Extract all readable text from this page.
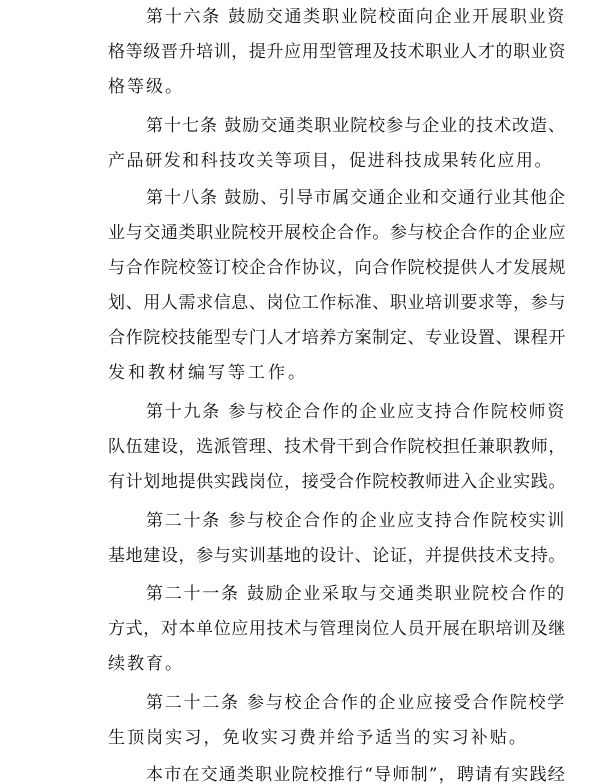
第十六条 鼓励交通类职业院校面向企业开展职业资
格等级晋升培训，提升应用型管理及技术职业人才的职业资
格等级。
第十七条 鼓励交通类职业院校参与企业的技术改造、
产品研发和科技攻关等项目，促进科技成果转化应用。
第十八条 鼓励、引导市属交通企业和交通行业其他企
业与交通类职业院校开展校企合作。参与校企合作的企业应
与合作院校签订校企合作协议，向合作院校提供人才发展规
划、用人需求信息、岗位工作标准、职业培训要求等，参与
合作院校技能型专门人才培养方案制定、专业设置、课程开
发和教材编写等工作。
第十九条 参与校企合作的企业应支持合作院校师资
队伍建设，选派管理、技术骨干到合作院校担任兼职教师，
有计划地提供实践岗位，接受合作院校教师进入企业实践。
第二十条 参与校企合作的企业应支持合作院校实训
基地建设，参与实训基地的设计、论证，并提供技术支持。
第二十一条 鼓励企业采取与交通类职业院校合作的
方式，对本单位应用技术与管理岗位人员开展在职培训及继
续教育。
第二十二条 参与校企合作的企业应接受合作院校学
生顶岗实习，免收实习费并给予适当的实习补贴。
本市在交通类职业院校推行“导师制”，聘请有实践经
